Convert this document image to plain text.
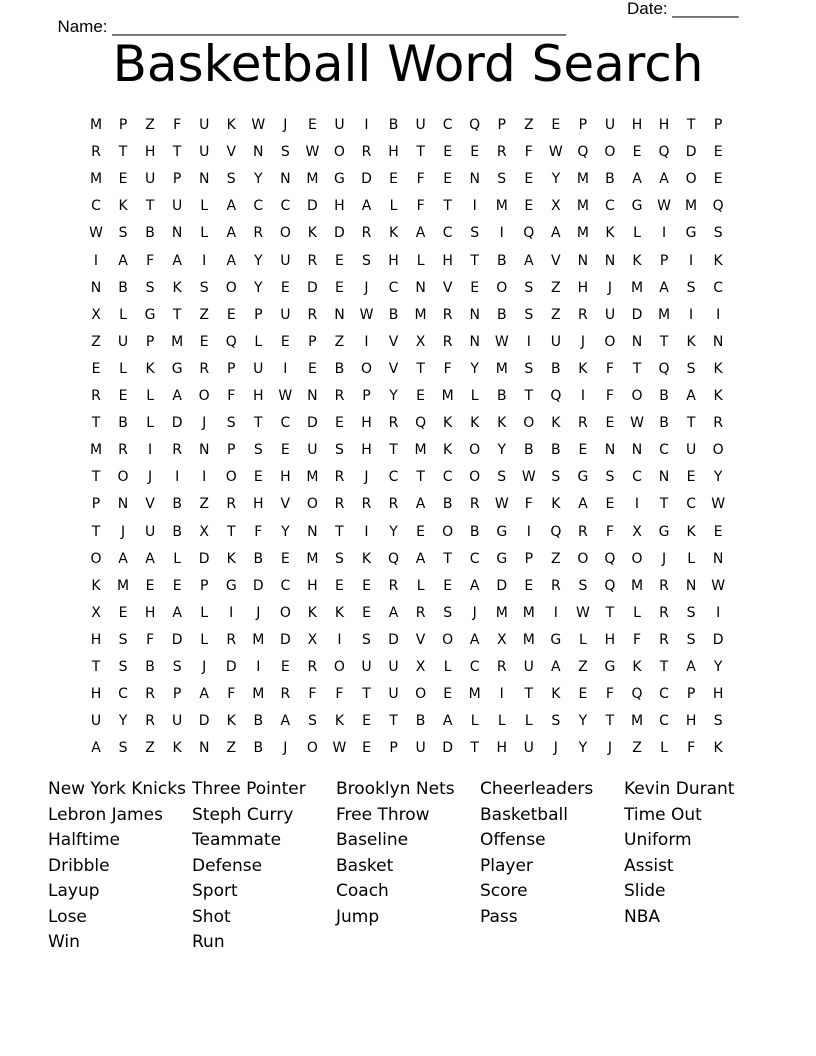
Name: ________________________________________________

Date: _______

Basketball Word Search
M	P	Z	F	U	K	W	J	E	U	I	B	U	C	Q	P	Z	E	P	U	H	H	T	P
R	T	H	T	U	V	N	S	W	O	R	H	T	E	E	R	F	W	Q	O	E	Q	D	E
M	E	U	P	N	S	Y	N	M	G	D	E	F	E	N	S	E	Y	M	B	A	A	O	E
C	K	T	U	L	A	C	C	D	H	A	L	F	T	I	M	E	X	M	C	G	W	M	Q
W	S	B	N	L	A	R	O	K	D	R	K	A	C	S	I	Q	A	M	K	L	I	G	S
I	A	F	A	I	A	Y	U	R	E	S	H	L	H	T	B	A	V	N	N	K	P	I	K
N	B	S	K	S	O	Y	E	D	E	J	C	N	V	E	O	S	Z	H	J	M	A	S	C
X	L	G	T	Z	E	P	U	R	N	W	B	M	R	N	B	S	Z	R	U	D	M	I	I
Z	U	P	M	E	Q	L	E	P	Z	I	V	X	R	N	W	I	U	J	O	N	T	K	N
E	L	K	G	R	P	U	I	E	B	O	V	T	F	Y	M	S	B	K	F	T	Q	S	K
R	E	L	A	O	F	H	W	N	R	P	Y	E	M	L	B	T	Q	I	F	O	B	A	K
T	B	L	D	J	S	T	C	D	E	H	R	Q	K	K	K	O	K	R	E	W	B	T	R
M	R	I	R	N	P	S	E	U	S	H	T	M	K	O	Y	B	B	E	N	N	C	U	O
T	O	J	I	I	O	E	H	M	R	J	C	T	C	O	S	W	S	G	S	C	N	E	Y
P	N	V	B	Z	R	H	V	O	R	R	R	A	B	R	W	F	K	A	E	I	T	C	W
T	J	U	B	X	T	F	Y	N	T	I	Y	E	O	B	G	I	Q	R	F	X	G	K	E
O	A	A	L	D	K	B	E	M	S	K	Q	A	T	C	G	P	Z	O	Q	O	J	L	N
K	M	E	E	P	G	D	C	H	E	E	R	L	E	A	D	E	R	S	Q	M	R	N	W
X	E	H	A	L	I	J	O	K	K	E	A	R	S	J	M	M	I	W	T	L	R	S	I
H	S	F	D	L	R	M	D	X	I	S	D	V	O	A	X	M	G	L	H	F	R	S	D
T	S	B	S	J	D	I	E	R	O	U	U	X	L	C	R	U	A	Z	G	K	T	A	Y
H	C	R	P	A	F	M	R	F	F	T	U	O	E	M	I	T	K	E	F	Q	C	P	H
U	Y	R	U	D	K	B	A	S	K	E	T	B	A	L	L	L	S	Y	T	M	C	H	S
A	S	Z	K	N	Z	B	J	O	W	E	P	U	D	T	H	U	J	Y	J	Z	L	F	K
New York Knicks
Lebron James
Halftime
Dribble
Layup
Lose
Win
Three Pointer
Steph Curry
Teammate
Defense
Sport
Shot
Run
Brooklyn Nets
Free Throw
Baseline
Basket
Coach
Jump
Cheerleaders
Basketball
Offense
Player
Score
Pass
Kevin Durant
Time Out
Uniform
Assist
Slide
NBA
